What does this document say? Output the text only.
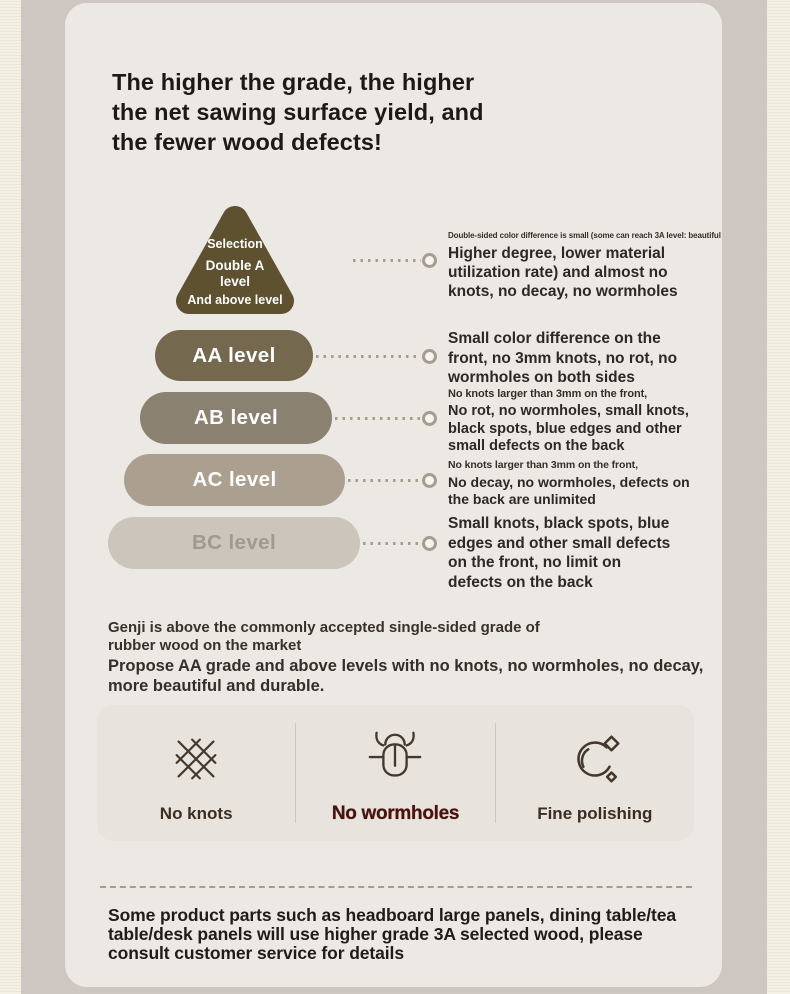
The higher the grade, the higher
the net sawing surface yield, and
the fewer wood defects!
Selection
Double A
level
And above level
AA level
AB level
AC level
BC level
Double-sided color difference is small (some can reach 3A level: beautiful
Higher degree, lower material utilization rate) and almost no knots, no decay, no wormholes
Small color difference on the front, no 3mm knots, no rot, no wormholes on both sides
No knots larger than 3mm on the front,
No rot, no wormholes, small knots, black spots, blue edges and other small defects on the back
No knots larger than 3mm on the front,
No decay, no wormholes, defects on the back are unlimited
Small knots, black spots, blue edges and other small defects on the front, no limit on defects on the back
Genji is above the commonly accepted single-sided grade of rubber wood on the market
Propose AA grade and above levels with no knots, no wormholes, no decay, more beautiful and durable.
No knots	No wormholes	Fine polishing
Some product parts such as headboard large panels, dining table/tea table/desk panels will use higher grade 3A selected wood, please consult customer service for details
